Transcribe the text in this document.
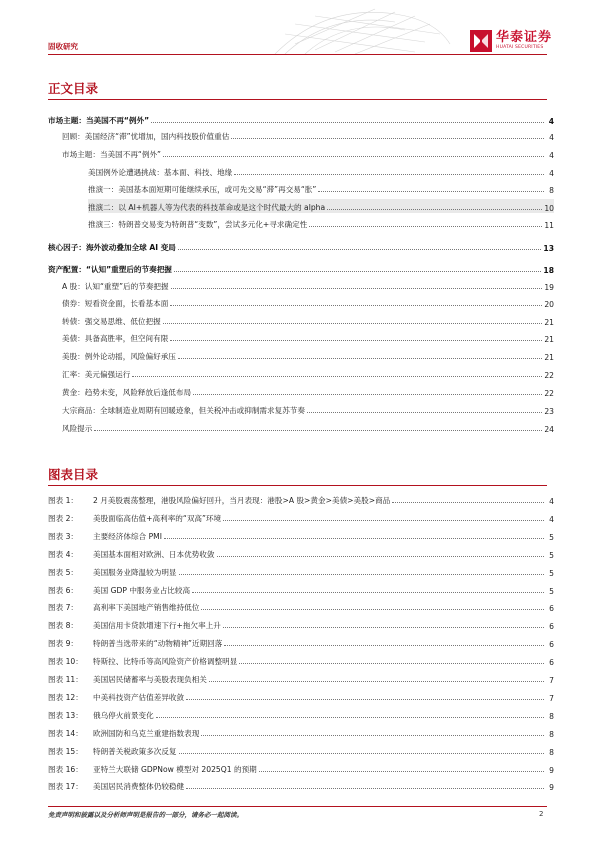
固收研究
华泰证券
HUATAI SECURITIES
正文目录
市场主题：当美国不再“例外”	4
回顾：美国经济“滞”忧增加，国内科技股价值重估	4
市场主题：当美国不再“例外”	4
美国例外论遭遇挑战：基本面、科技、地缘	4
推演一：美国基本面短期可能继续承压，或可先交易“滞”再交易“胀”	8
推演二：以 AI+机器人等为代表的科技革命或是这个时代最大的 alpha	10
推演三：特朗普交易变为特朗普“变数”，尝试多元化+寻求确定性	11
核心因子：海外波动叠加全球 AI 变局	13
资产配置：“认知”重塑后的节奏把握	18
A 股：认知“重塑”后的节奏把握	19
债券：短看资金面，长看基本面	20
转债：强交易思维、低位把握	21
美债：具备高胜率，但空间有限	21
美股：例外论动摇，风险偏好承压	21
汇率：美元偏强运行	22
黄金：趋势未变，风险释放后逢低布局	22
大宗商品：全球制造业周期有回暖迹象，但关税冲击或抑制需求复苏节奏	23
风险提示	24
图表目录
图表 1：	2 月美股震荡整理，港股风险偏好回升，当月表现：港股>A 股>黄金>美债>美股>商品	4
图表 2：	美股面临高估值+高利率的“双高”环境	4
图表 3：	主要经济体综合 PMI	5
图表 4：	美国基本面相对欧洲、日本优势收敛	5
图表 5：	美国服务业降温较为明显	5
图表 6：	美国 GDP 中服务业占比较高	5
图表 7：	高利率下美国地产销售维持低位	6
图表 8：	美国信用卡贷款增速下行+拖欠率上升	6
图表 9：	特朗普当选带来的“动物精神”近期回落	6
图表 10：	特斯拉、比特币等高风险资产价格调整明显	6
图表 11：	美国居民储蓄率与美股表现负相关	7
图表 12：	中美科技资产估值差异收敛	7
图表 13：	俄乌停火前景变化	8
图表 14：	欧洲国防和乌克兰重建指数表现	8
图表 15：	特朗普关税政策多次反复	8
图表 16：	亚特兰大联储 GDPNow 模型对 2025Q1 的预期	9
图表 17：	美国居民消费整体仍较稳健	9
免责声明和披露以及分析师声明是报告的一部分，请务必一起阅读。	2
